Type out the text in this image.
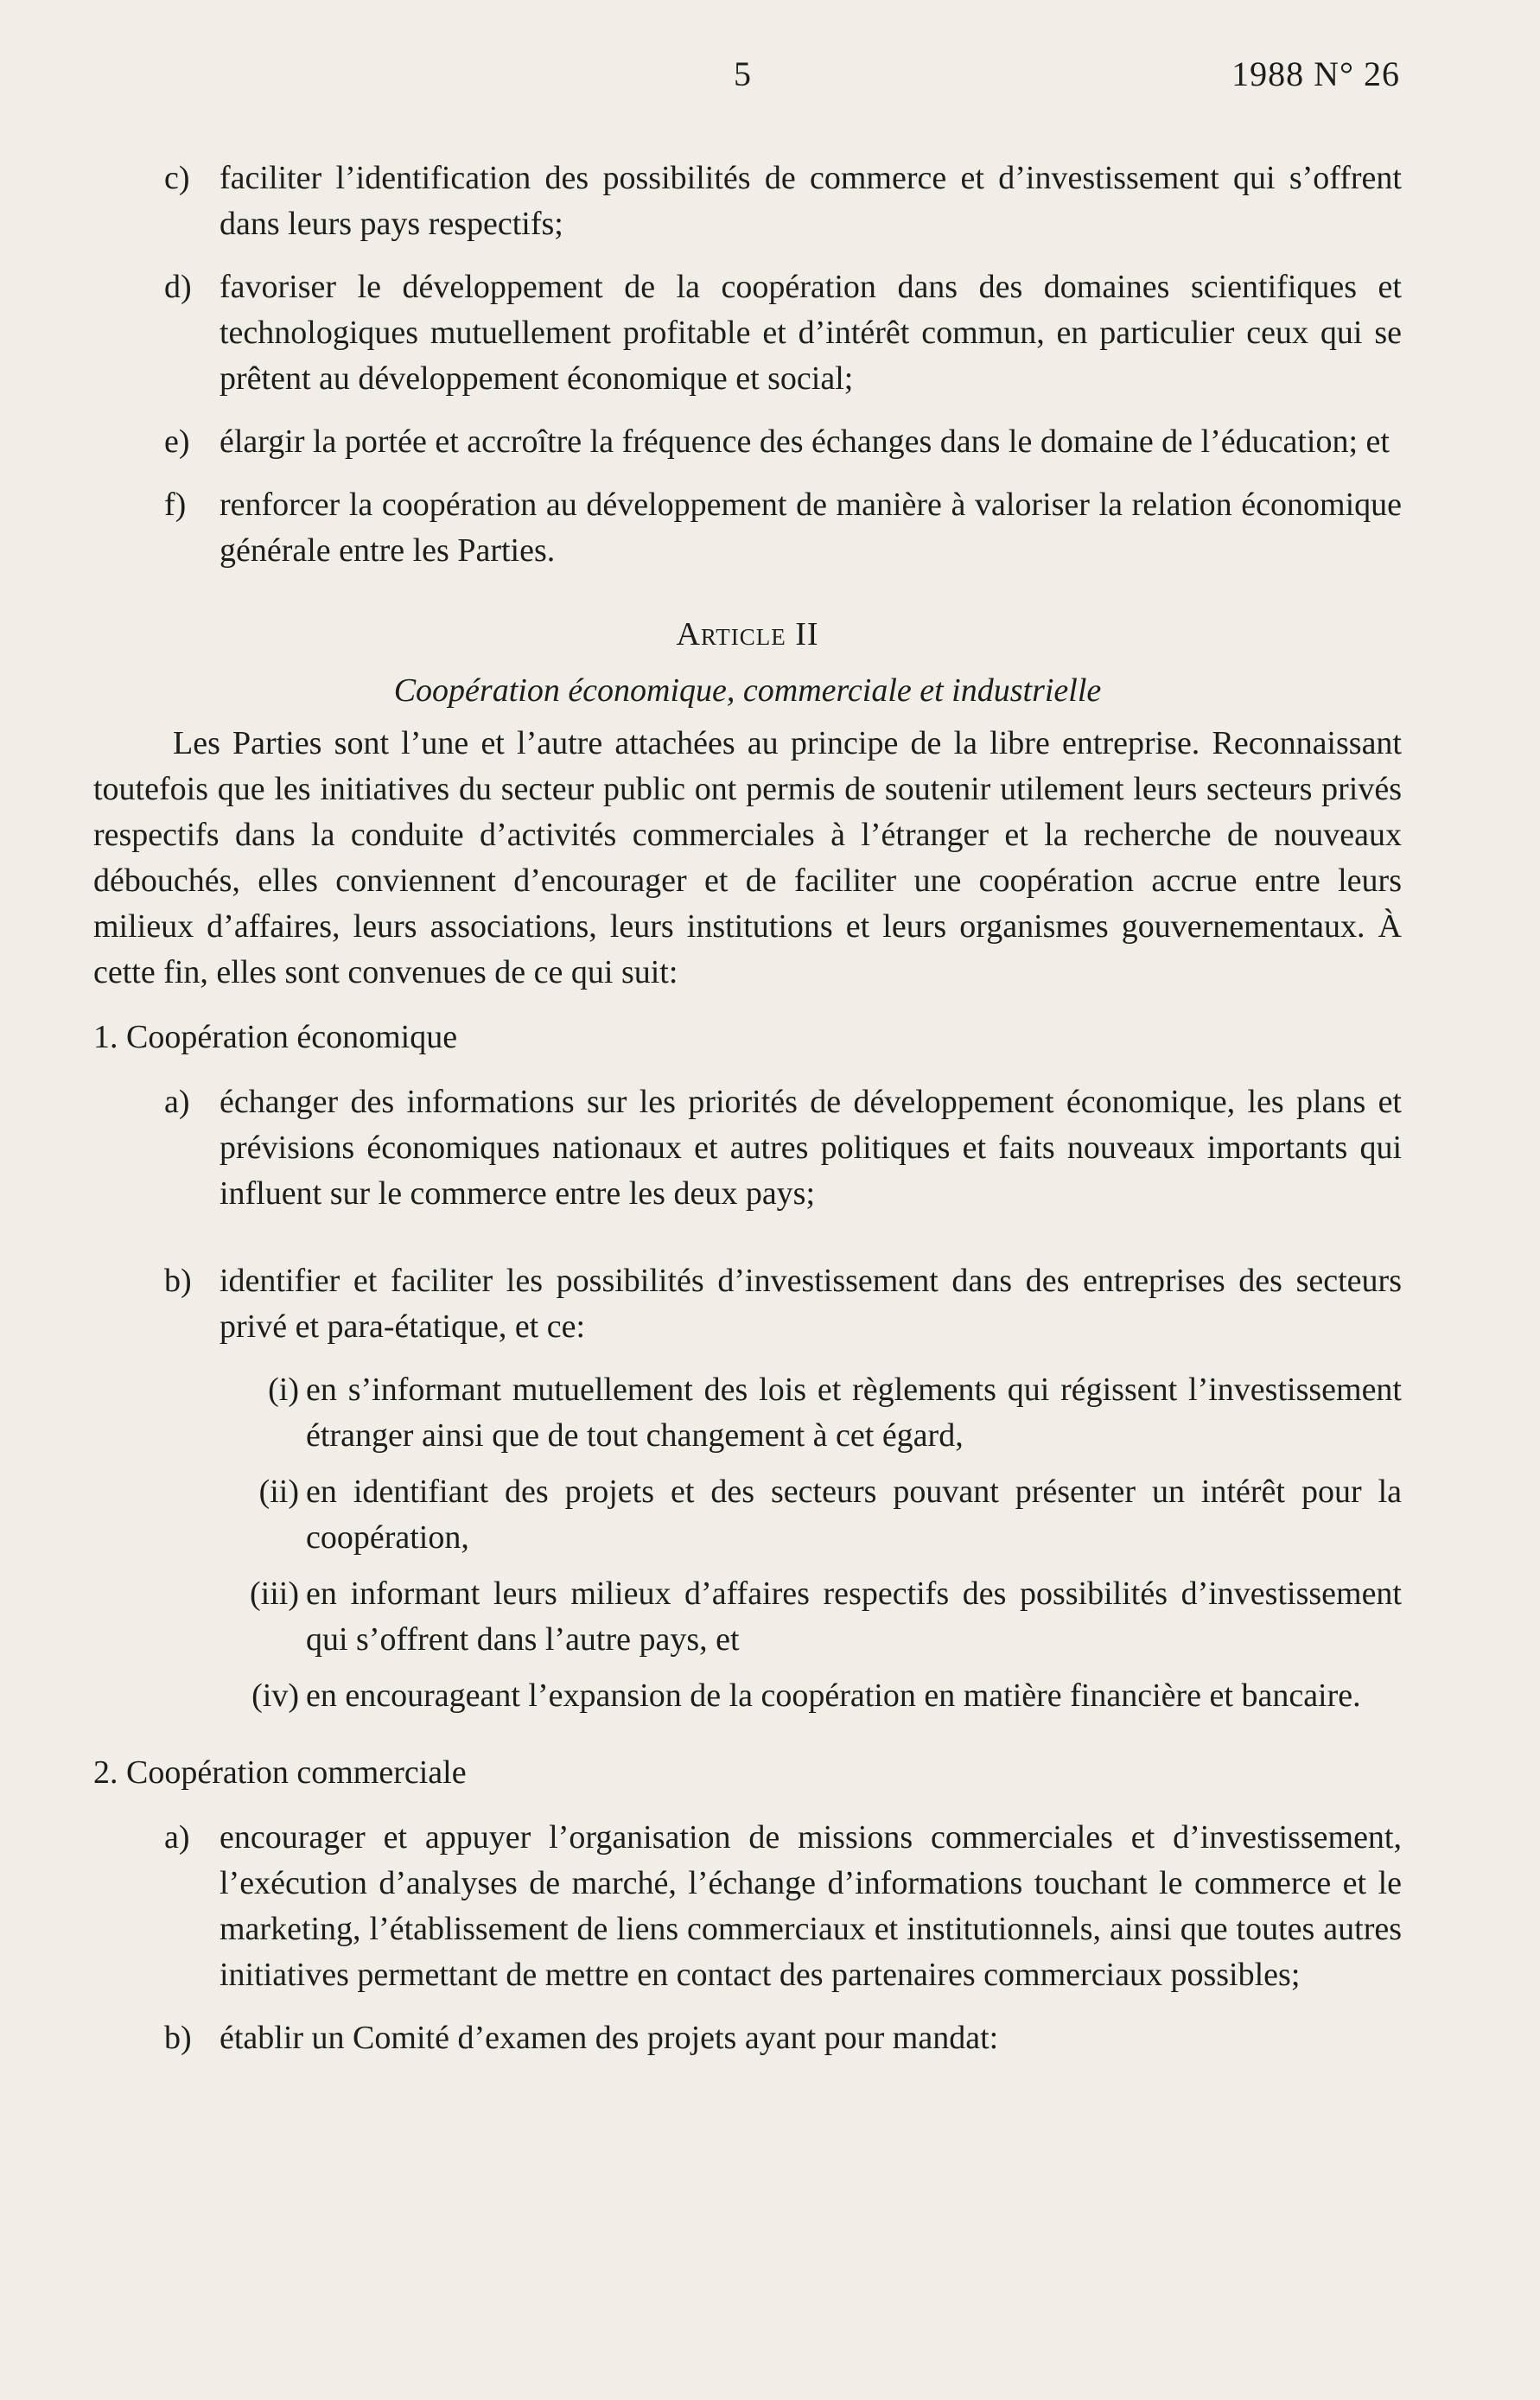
5	1988 N° 26
c) faciliter l’identification des possibilités de commerce et d’investissement qui s’offrent dans leurs pays respectifs;
d) favoriser le développement de la coopération dans des domaines scientifiques et technologiques mutuellement profitable et d’intérêt commun, en particulier ceux qui se prêtent au développement économique et social;
e) élargir la portée et accroître la fréquence des échanges dans le domaine de l’éducation; et
f) renforcer la coopération au développement de manière à valoriser la relation économique générale entre les Parties.
Article II
Coopération économique, commerciale et industrielle
Les Parties sont l’une et l’autre attachées au principe de la libre entreprise. Reconnaissant toutefois que les initiatives du secteur public ont permis de soutenir utilement leurs secteurs privés respectifs dans la conduite d’activités commerciales à l’étranger et la recherche de nouveaux débouchés, elles conviennent d’encourager et de faciliter une coopération accrue entre leurs milieux d’affaires, leurs associations, leurs institutions et leurs organismes gouvernementaux. À cette fin, elles sont convenues de ce qui suit:
1. Coopération économique
a) échanger des informations sur les priorités de développement économique, les plans et prévisions économiques nationaux et autres politiques et faits nouveaux importants qui influent sur le commerce entre les deux pays;
b) identifier et faciliter les possibilités d’investissement dans des entreprises des secteurs privé et para-étatique, et ce:
(i) en s’informant mutuellement des lois et règlements qui régissent l’investissement étranger ainsi que de tout changement à cet égard,
(ii) en identifiant des projets et des secteurs pouvant présenter un intérêt pour la coopération,
(iii) en informant leurs milieux d’affaires respectifs des possibilités d’investissement qui s’offrent dans l’autre pays, et
(iv) en encourageant l’expansion de la coopération en matière financière et bancaire.
2. Coopération commerciale
a) encourager et appuyer l’organisation de missions commerciales et d’investissement, l’exécution d’analyses de marché, l’échange d’informations touchant le commerce et le marketing, l’établissement de liens commerciaux et institutionnels, ainsi que toutes autres initiatives permettant de mettre en contact des partenaires commerciaux possibles;
b) établir un Comité d’examen des projets ayant pour mandat:
